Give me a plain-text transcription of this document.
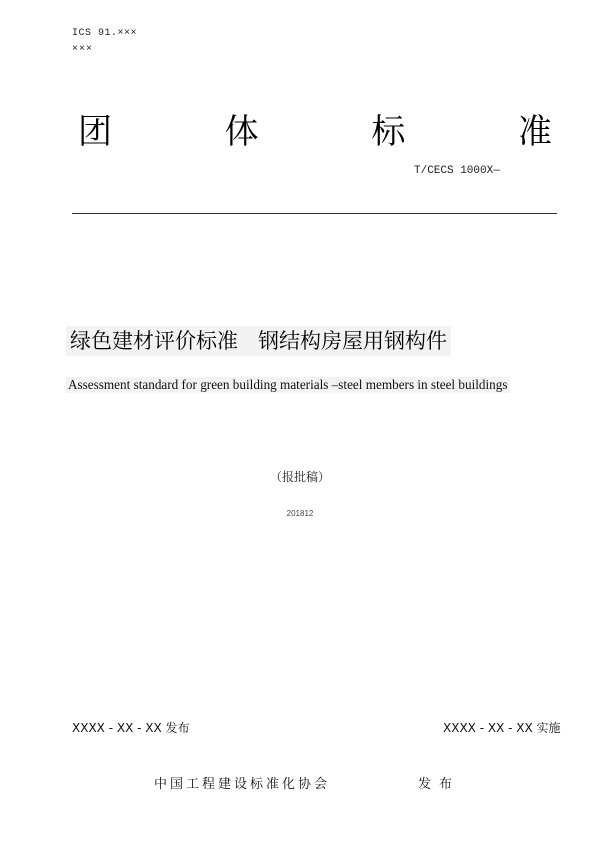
ICS 91.×××
×××
团	体	标	准
T/CECS 1000X—
绿色建材评价标准 钢结构房屋用钢构件
Assessment standard for green building materials –steel members in steel buildings
（报批稿）
201812
XXXX - XX - XX 发布	XXXX - XX - XX 实施
中国工程建设标准化协会	发布
